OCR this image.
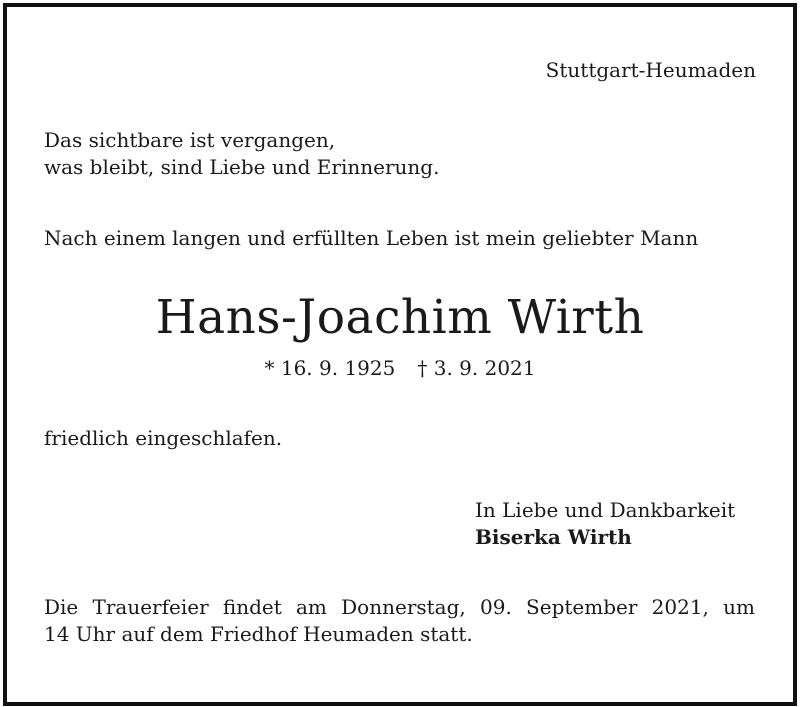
Stuttgart-Heumaden
Das sichtbare ist vergangen,
was bleibt, sind Liebe und Erinnerung.
Nach einem langen und erfüllten Leben ist mein geliebter Mann
Hans-Joachim Wirth
* 16. 9. 1925 † 3. 9. 2021
friedlich eingeschlafen.
In Liebe und Dankbarkeit
Biserka Wirth
Die Trauerfeier findet am Donnerstag, 09. September 2021, um
14 Uhr auf dem Friedhof Heumaden statt.
